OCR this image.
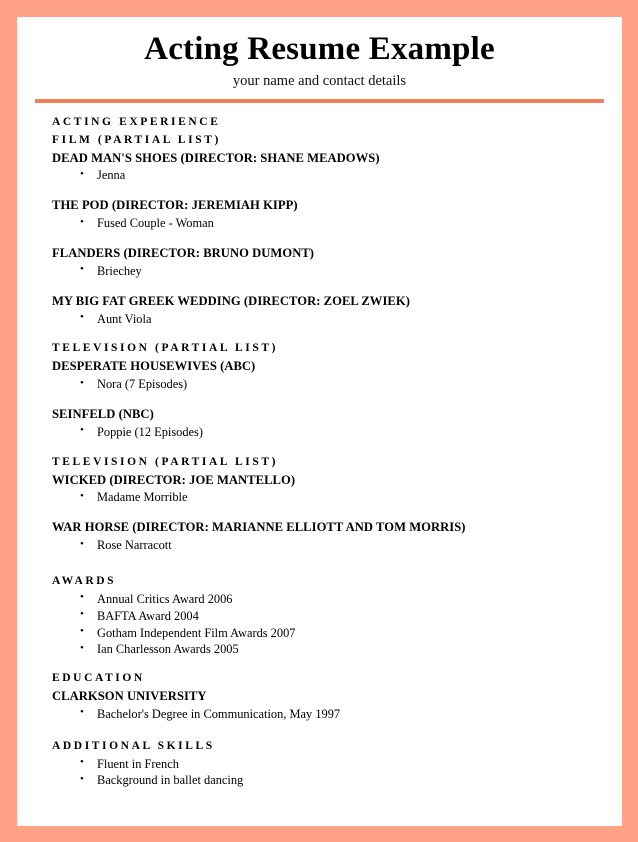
Acting Resume Example

your name and contact details

ACTING EXPERIENCE
FILM (PARTIAL LIST)
DEAD MAN'S SHOES (DIRECTOR: SHANE MEADOWS)
• Jenna
THE POD (DIRECTOR: JEREMIAH KIPP)
• Fused Couple - Woman
FLANDERS (DIRECTOR: BRUNO DUMONT)
• Briechey
MY BIG FAT GREEK WEDDING (DIRECTOR: ZOEL ZWIEK)
• Aunt Viola
TELEVISION (PARTIAL LIST)
DESPERATE HOUSEWIVES (ABC)
• Nora (7 Episodes)
SEINFELD (NBC)
• Poppie (12 Episodes)
TELEVISION (PARTIAL LIST)
WICKED (DIRECTOR: JOE MANTELLO)
• Madame Morrible
WAR HORSE (DIRECTOR: MARIANNE ELLIOTT AND TOM MORRIS)
• Rose Narracott
AWARDS
• Annual Critics Award 2006
• BAFTA Award 2004
• Gotham Independent Film Awards 2007
• Ian Charlesson Awards 2005
EDUCATION
CLARKSON UNIVERSITY
• Bachelor's Degree in Communication, May 1997
ADDITIONAL SKILLS
• Fluent in French
• Background in ballet dancing
